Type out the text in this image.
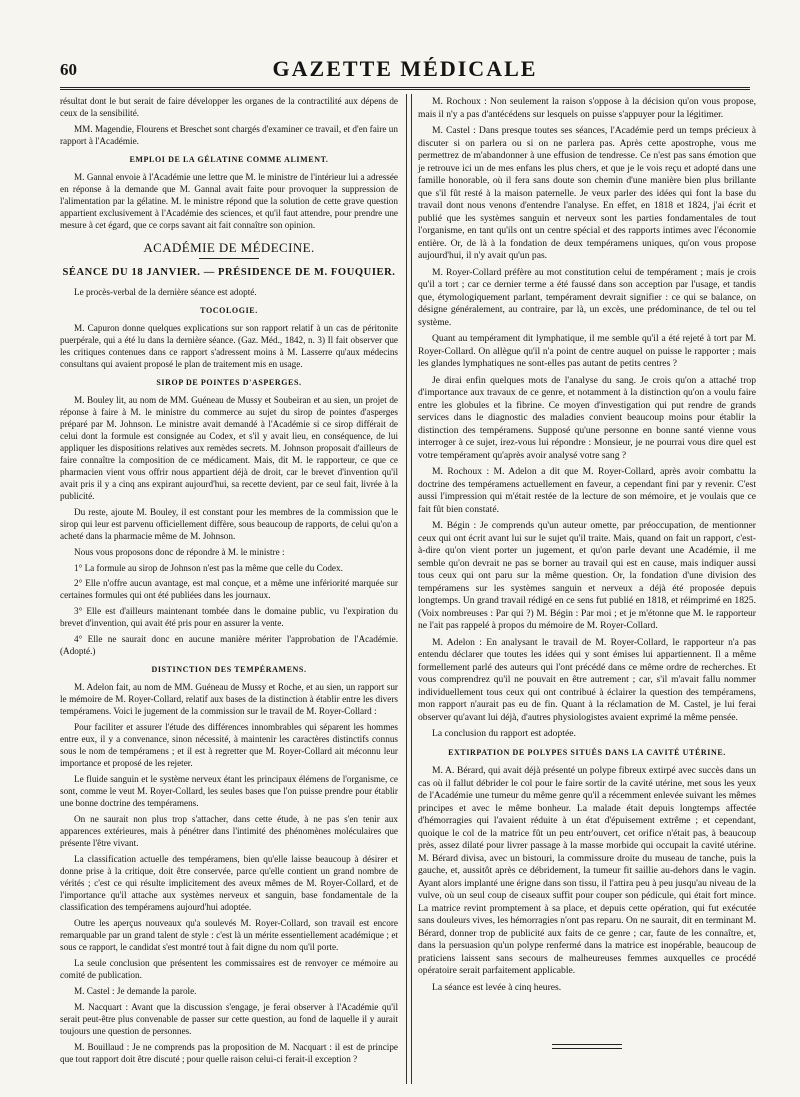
60	GAZETTE MÉDICALE

résultat dont le but serait de faire développer les organes de la contractilité aux dépens de ceux de la sensibilité.

MM. Magendie, Flourens et Breschet sont chargés d'examiner ce travail, et d'en faire un rapport à l'Académie.

EMPLOI DE LA GÉLATINE COMME ALIMENT.

M. Gannal envoie à l'Académie une lettre que M. le ministre de l'intérieur lui a adressée en réponse à la demande que M. Gannal avait faite pour provoquer la suppression de l'alimentation par la gélatine. M. le ministre répond que la solution de cette grave question appartient exclusivement à l'Académie des sciences, et qu'il faut attendre, pour prendre une mesure à cet égard, que ce corps savant ait fait connaître son opinion.

ACADÉMIE DE MÉDECINE.
SÉANCE DU 18 JANVIER. — PRÉSIDENCE DE M. FOUQUIER.

Le procès-verbal de la dernière séance est adopté.

TOCOLOGIE.

M. Capuron donne quelques explications sur son rapport relatif à un cas de péritonite puerpérale, qui a été lu dans la dernière séance. (Gaz. Méd., 1842, n. 3) Il fait observer que les critiques contenues dans ce rapport s'adressent moins à M. Lasserre qu'aux médecins consultans qui avaient proposé le plan de traitement mis en usage.

SIROP DE POINTES D'ASPERGES.

M. Bouley lit, au nom de MM. Guéneau de Mussy et Soubeiran et au sien, un projet de réponse à faire à M. le ministre du commerce au sujet du sirop de pointes d'asperges préparé par M. Johnson. Le ministre avait demandé à l'Académie si ce sirop différait de celui dont la formule est consignée au Codex, et s'il y avait lieu, en conséquence, de lui appliquer les dispositions relatives aux remèdes secrets. M. Johnson proposait d'ailleurs de faire connaître la composition de ce médicament. Mais, dit M. le rapporteur, ce que ce pharmacien vient vous offrir nous appartient déjà de droit, car le brevet d'invention qu'il avait pris il y a cinq ans expirant aujourd'hui, sa recette devient, par ce seul fait, livrée à la publicité.

Du reste, ajoute M. Bouley, il est constant pour les membres de la commission que le sirop qui leur est parvenu officiellement diffère, sous beaucoup de rapports, de celui qu'on a acheté dans la pharmacie même de M. Johnson.

Nous vous proposons donc de répondre à M. le ministre :

1° La formule au sirop de Johnson n'est pas la même que celle du Codex.

2° Elle n'offre aucun avantage, est mal conçue, et a même une infériorité marquée sur certaines formules qui ont été publiées dans les journaux.

3° Elle est d'ailleurs maintenant tombée dans le domaine public, vu l'expiration du brevet d'invention, qui avait été pris pour en assurer la vente.

4° Elle ne saurait donc en aucune manière mériter l'approbation de l'Académie. (Adopté.)

DISTINCTION DES TEMPÉRAMENS.

M. Adelon fait, au nom de MM. Guéneau de Mussy et Roche, et au sien, un rapport sur le mémoire de M. Royer-Collard, relatif aux bases de la distinction à établir entre les divers tempéramens. Voici le jugement de la commission sur le travail de M. Royer-Collard :

Pour faciliter et assurer l'étude des différences innombrables qui séparent les hommes entre eux, il y a convenance, sinon nécessité, à maintenir les caractères distinctifs connus sous le nom de tempéramens ; et il est à regretter que M. Royer-Collard ait méconnu leur importance et proposé de les rejeter.

Le fluide sanguin et le système nerveux étant les principaux élémens de l'organisme, ce sont, comme le veut M. Royer-Collard, les seules bases que l'on puisse prendre pour établir une bonne doctrine des tempéramens.

On ne saurait non plus trop s'attacher, dans cette étude, à ne pas s'en tenir aux apparences extérieures, mais à pénétrer dans l'intimité des phénomènes moléculaires que présente l'être vivant.

La classification actuelle des tempéramens, bien qu'elle laisse beaucoup à désirer et donne prise à la critique, doit être conservée, parce qu'elle contient un grand nombre de vérités ; c'est ce qui résulte implicitement des aveux mêmes de M. Royer-Collard, et de l'importance qu'il attache aux systèmes nerveux et sanguin, base fondamentale de la classification des tempéramens aujourd'hui adoptée.

Outre les aperçus nouveaux qu'a soulevés M. Royer-Collard, son travail est encore remarquable par un grand talent de style : c'est là un mérite essentiellement académique ; et sous ce rapport, le candidat s'est montré tout à fait digne du nom qu'il porte.

La seule conclusion que présentent les commissaires est de renvoyer ce mémoire au comité de publication.

M. Castel : Je demande la parole.

M. Nacquart : Avant que la discussion s'engage, je ferai observer à l'Académie qu'il serait peut-être plus convenable de passer sur cette question, au fond de laquelle il y aurait toujours une question de personnes.

M. Bouillaud : Je ne comprends pas la proposition de M. Nacquart : il est de principe que tout rapport doit être discuté ; pour quelle raison celui-ci ferait-il exception ?

M. Rochoux : Non seulement la raison s'oppose à la décision qu'on vous propose, mais il n'y a pas d'antécédens sur lesquels on puisse s'appuyer pour la légitimer.

M. Castel : Dans presque toutes ses séances, l'Académie perd un temps précieux à discuter si on parlera ou si on ne parlera pas. Après cette apostrophe, vous me permettrez de m'abandonner à une effusion de tendresse. Ce n'est pas sans émotion que je retrouve ici un de mes enfans les plus chers, et que je le vois reçu et adopté dans une famille honorable, où il fera sans doute son chemin d'une manière bien plus brillante que s'il fût resté à la maison paternelle. Je veux parler des idées qui font la base du travail dont nous venons d'entendre l'analyse. En effet, en 1818 et 1824, j'ai écrit et publié que les systèmes sanguin et nerveux sont les parties fondamentales de tout l'organisme, en tant qu'ils ont un centre spécial et des rapports intimes avec l'économie entière. Or, de là à la fondation de deux tempéramens uniques, qu'on vous propose aujourd'hui, il n'y avait qu'un pas.

M. Royer-Collard préfère au mot constitution celui de tempérament ; mais je crois qu'il a tort ; car ce dernier terme a été faussé dans son acception par l'usage, et tandis que, étymologiquement parlant, tempérament devrait signifier : ce qui se balance, on désigne généralement, au contraire, par là, un excès, une prédominance, de tel ou tel système.

Quant au tempérament dit lymphatique, il me semble qu'il a été rejeté à tort par M. Royer-Collard. On allègue qu'il n'a point de centre auquel on puisse le rapporter ; mais les glandes lymphatiques ne sont-elles pas autant de petits centres ?

Je dirai enfin quelques mots de l'analyse du sang. Je crois qu'on a attaché trop d'importance aux travaux de ce genre, et notamment à la distinction qu'on a voulu faire entre les globules et la fibrine. Ce moyen d'investigation qui put rendre de grands services dans le diagnostic des maladies convient beaucoup moins pour établir la distinction des tempéramens. Supposé qu'une personne en bonne santé vienne vous interroger à ce sujet, irez-vous lui répondre : Monsieur, je ne pourrai vous dire quel est votre tempérament qu'après avoir analysé votre sang ?

M. Rochoux : M. Adelon a dit que M. Royer-Collard, après avoir combattu la doctrine des tempéramens actuellement en faveur, a cependant fini par y revenir. C'est aussi l'impression qui m'était restée de la lecture de son mémoire, et je voulais que ce fait fût bien constaté.

M. Bégin : Je comprends qu'un auteur omette, par préoccupation, de mentionner ceux qui ont écrit avant lui sur le sujet qu'il traite. Mais, quand on fait un rapport, c'est-à-dire qu'on vient porter un jugement, et qu'on parle devant une Académie, il me semble qu'on devrait ne pas se borner au travail qui est en cause, mais indiquer aussi tous ceux qui ont paru sur la même question. Or, la fondation d'une division des tempéramens sur les systèmes sanguin et nerveux a déjà été proposée depuis longtemps. Un grand travail rédigé en ce sens fut publié en 1818, et réimprimé en 1825. (Voix nombreuses : Par qui ?) M. Bégin : Par moi ; et je m'étonne que M. le rapporteur ne l'ait pas rappelé à propos du mémoire de M. Royer-Collard.

M. Adelon : En analysant le travail de M. Royer-Collard, le rapporteur n'a pas entendu déclarer que toutes les idées qui y sont émises lui appartiennent. Il a même formellement parlé des auteurs qui l'ont précédé dans ce même ordre de recherches. Et vous comprendrez qu'il ne pouvait en être autrement ; car, s'il m'avait fallu nommer individuellement tous ceux qui ont contribué à éclairer la question des tempéramens, mon rapport n'aurait pas eu de fin. Quant à la réclamation de M. Castel, je lui ferai observer qu'avant lui déjà, d'autres physiologistes avaient exprimé la même pensée.

La conclusion du rapport est adoptée.

EXTIRPATION DE POLYPES SITUÉS DANS LA CAVITÉ UTÉRINE.

M. A. Bérard, qui avait déjà présenté un polype fibreux extirpé avec succès dans un cas où il fallut débrider le col pour le faire sortir de la cavité utérine, met sous les yeux de l'Académie une tumeur du même genre qu'il a récemment enlevée suivant les mêmes principes et avec le même bonheur. La malade était depuis longtemps affectée d'hémorragies qui l'avaient réduite à un état d'épuisement extrême ; et cependant, quoique le col de la matrice fût un peu entr'ouvert, cet orifice n'était pas, à beaucoup près, assez dilaté pour livrer passage à la masse morbide qui occupait la cavité utérine. M. Bérard divisa, avec un bistouri, la commissure droite du museau de tanche, puis la gauche, et, aussitôt après ce débridement, la tumeur fit saillie au-dehors dans le vagin. Ayant alors implanté une érigne dans son tissu, il l'attira peu à peu jusqu'au niveau de la vulve, où un seul coup de ciseaux suffit pour couper son pédicule, qui était fort mince. La matrice revint promptement à sa place, et depuis cette opération, qui fut exécutée sans douleurs vives, les hémorragies n'ont pas reparu. On ne saurait, dit en terminant M. Bérard, donner trop de publicité aux faits de ce genre ; car, faute de les connaître, et, dans la persuasion qu'un polype renfermé dans la matrice est inopérable, beaucoup de praticiens laissent sans secours de malheureuses femmes auxquelles ce procédé opératoire serait parfaitement applicable.

La séance est levée à cinq heures.
